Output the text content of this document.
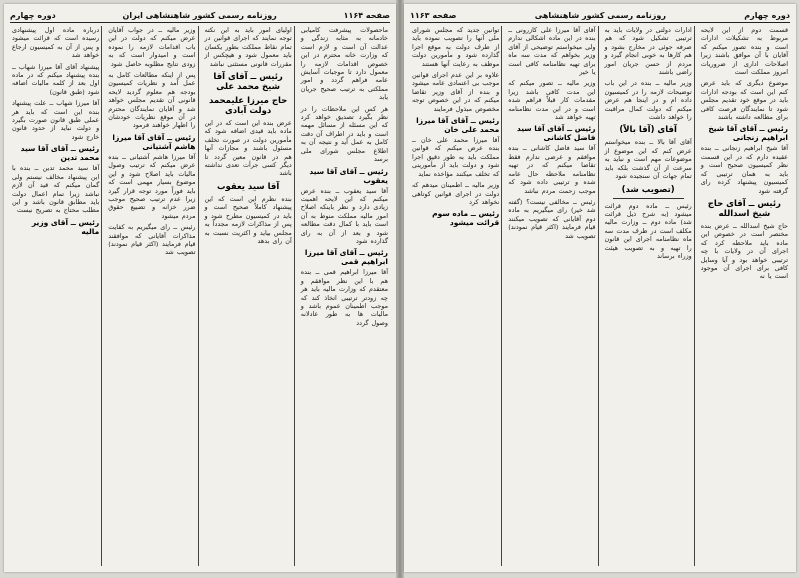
صفحه ۱۱۶۴
روزنامه رسمی کشور شاهنشاهی ایران
دوره چهارم

ماحصولات پیشرفت کامیابی خادمانه به مثابه زندگی و عدالت آن است و لازم است که وزارت خانه محترم در این خصوص اقدامات لازمه را معمول دارد تا موجبات آسایش عامه فراهم گردد و امور مملکتی به ترتیب صحیح جریان یابد

هر کس این ملاحظات را در نظر بگیرد تصدیق خواهد کرد که این مسئله از مسائل مهمه است و باید در اطراف آن دقت کامل به عمل آید و نتیجه آن به اطلاع مجلس شورای ملی برسد

رئیس ــ آقای آقا سید یعقوب

آقا سید یعقوب ــ بنده عرض میکنم که این لایحه اهمیت زیادی دارد و نظر باینکه اصلاح امور مالیه مملکت منوط به آن است باید با کمال دقت مطالعه شود و بعد از آن به رای گذارده شود

رئیس ــ آقای آقا میرزا ابراهیم قمی

آقا میرزا ابراهیم قمی ــ بنده هم با این نظر موافقم و معتقدم که وزارت مالیه باید هر چه زودتر ترتیبی اتخاذ کند که موجب اطمینان عموم باشد و مالیات ها به طور عادلانه وصول گردد

اولیای امور باید به این نکته توجه نمایند که اجرای قوانین در تمام نقاط مملکت بطور یکسان باید معمول شود و هیچکس از مقررات قانونی مستثنی نباشد

رئیس ــ آقای آقا شیخ محمد علی
حاج میرزا علیمحمد دولت آبادی

عرض بنده این است که در این ماده باید قیدی اضافه شود که مأمورین دولت در صورت تخلف مسئول باشند و مجازات آنها هم در قانون معین گردد تا دیگر کسی جرأت تعدی نداشته باشد

آقا سید یعقوب

بنده نظرم این است که این پیشنهاد کاملاً صحیح است و باید در کمیسیون مطرح شود و پس از مذاکرات لازمه مجدداً به مجلس بیاید و اکثریت نسبت به آن رای بدهد

وزیر مالیه ــ در جواب آقایان عرض میکنم که دولت در این باب اقدامات لازمه را نموده است و امیدوار است که به زودی نتایج مطلوبه حاصل شود

پس از اینکه مطالعات کامل به عمل آمد و نظریات کمیسیون بودجه هم معلوم گردید لایحه قانونی آن تقدیم مجلس خواهد شد و آقایان نمایندگان محترم در آن موقع نظریات خودشان را اظهار خواهند فرمود

رئیس ــ آقای آقا میرزا هاشم آشتیانی

آقا میرزا هاشم آشتیانی ــ بنده عرض میکنم که ترتیب وصول مالیات باید اصلاح شود و این موضوع بسیار مهمی است که باید فوراً مورد توجه قرار گیرد زیرا عدم ترتیب صحیح موجب ضرر خزانه و تضییع حقوق مردم میشود

رئیس ــ رای میگیریم به کفایت مذاکرات آقایانی که موافقند قیام فرمایند (اکثر قیام نمودند) تصویب شد

درباره ماده اول پیشنهادی رسیده است که قرائت میشود و پس از آن به کمیسیون ارجاع خواهد شد

پیشنهاد آقای آقا میرزا شهاب ــ بنده پیشنهاد میکنم که در ماده اول بعد از کلمه مالیات اضافه شود (طبق قانون)

آقا میرزا شهاب ــ علت پیشنهاد بنده این است که باید هر عملی طبق قانون صورت بگیرد و دولت نباید از حدود قانون خارج شود

رئیس ــ آقای آقا سید محمد تدین

آقا سید محمد تدین ــ بنده با این پیشنهاد مخالف نیستم ولی گمان میکنم که قید آن لازم نباشد زیرا تمام اعمال دولت باید مطابق قانون باشد و این مطلب محتاج به تصریح نیست

رئیس ــ آقای وزیر مالیه
دوره چهارم
روزنامه رسمی کشور شاهنشاهی
صفحه ۱۱۶۳

قسمت دوم از این لایحه مربوط به تشکیلات ادارات است و بنده تصور میکنم که آقایان با آن موافق باشند زیرا اصلاحات اداری از ضروریات امروز مملکت است

موضوع دیگری که باید عرض کنم این است که بودجه ادارات باید در موقع خود تقدیم مجلس شود تا نمایندگان فرصت کافی برای مطالعه داشته باشند

رئیس ــ آقای آقا شیخ ابراهیم زنجانی

آقا شیخ ابراهیم زنجانی ــ بنده عقیده دارم که در این قسمت نظر کمیسیون صحیح است و باید به همان ترتیبی که کمیسیون پیشنهاد کرده رای گرفته شود

رئیس ــ آقای حاج شیخ اسدالله

حاج شیخ اسدالله ــ عرض بنده مختصر است در خصوص این ماده باید ملاحظه کرد که اجرای آن در ولایات با چه ترتیبی خواهد بود و آیا وسایل کافی برای اجرای آن موجود است یا نه

ادارات دولتی در ولایات باید به ترتیبی تشکیل شود که هم صرفه جوئی در مخارج بشود و هم کارها به خوبی انجام گیرد و مردم از حسن جریان امور راضی باشند

وزیر مالیه ــ بنده در این باب توضیحات لازمه را در کمیسیون داده ام و در اینجا هم عرض میکنم که دولت کمال مراقبت را خواهد داشت

آقای (آقا بالاً)

آقای آقا بالا ــ بنده میخواستم عرض کنم که این موضوع از موضوعات مهم است و نباید به سرعت از آن گذشت بلکه باید تمام جهات آن سنجیده شود

(تصویب شد)

رئیس ــ ماده دوم قرائت میشود (به شرح ذیل قرائت شد) ماده دوم ــ وزارت مالیه مکلف است در ظرف مدت سه ماه نظامنامه اجرای این قانون را تهیه و به تصویب هیئت وزراء برساند

آقای آقا میرزا علی کازرونی ــ بنده در این ماده اشکالی ندارم ولی میخواستم توضیحی از آقای وزیر بخواهم که مدت سه ماه برای تهیه نظامنامه کافی است یا خیر

وزیر مالیه ــ تصور میکنم که این مدت کافی باشد زیرا مقدمات کار قبلاً فراهم شده است و در این مدت نظامنامه تهیه خواهد شد

رئیس ــ آقای آقا سید فاضل کاشانی

آقا سید فاضل کاشانی ــ بنده موافقم و عرضی ندارم فقط تقاضا میکنم که در تهیه نظامنامه ملاحظه حال عامه شده و ترتیبی داده شود که موجب زحمت مردم نباشد

رئیس ــ مخالفی نیست؟ (گفته شد خیر) رای میگیریم به ماده دوم آقایانی که تصویب میکنند قیام فرمایند (اکثر قیام نمودند) تصویب شد

توانین جدید که مجلس شورای ملی آنها را تصویب نموده باید از طرف دولت به موقع اجرا گذارده شود و مأمورین دولت موظف به رعایت آنها هستند

علاوه بر این عدم اجرای قوانین موجب بی اعتمادی عامه میشود و بنده از آقای وزیر تقاضا میکنم که در این خصوص توجه مخصوص مبذول فرمایند

رئیس ــ آقای آقا میرزا محمد علی خان

آقا میرزا محمد علی خان ــ بنده عرض میکنم که قوانین مملکت باید به طور دقیق اجرا شود و دولت باید از مأمورینی که تخلف میکنند مؤاخذه نماید

وزیر مالیه ــ اطمینان میدهم که دولت در اجرای قوانین کوتاهی نخواهد کرد

رئیس ــ ماده سوم قرائت میشود
